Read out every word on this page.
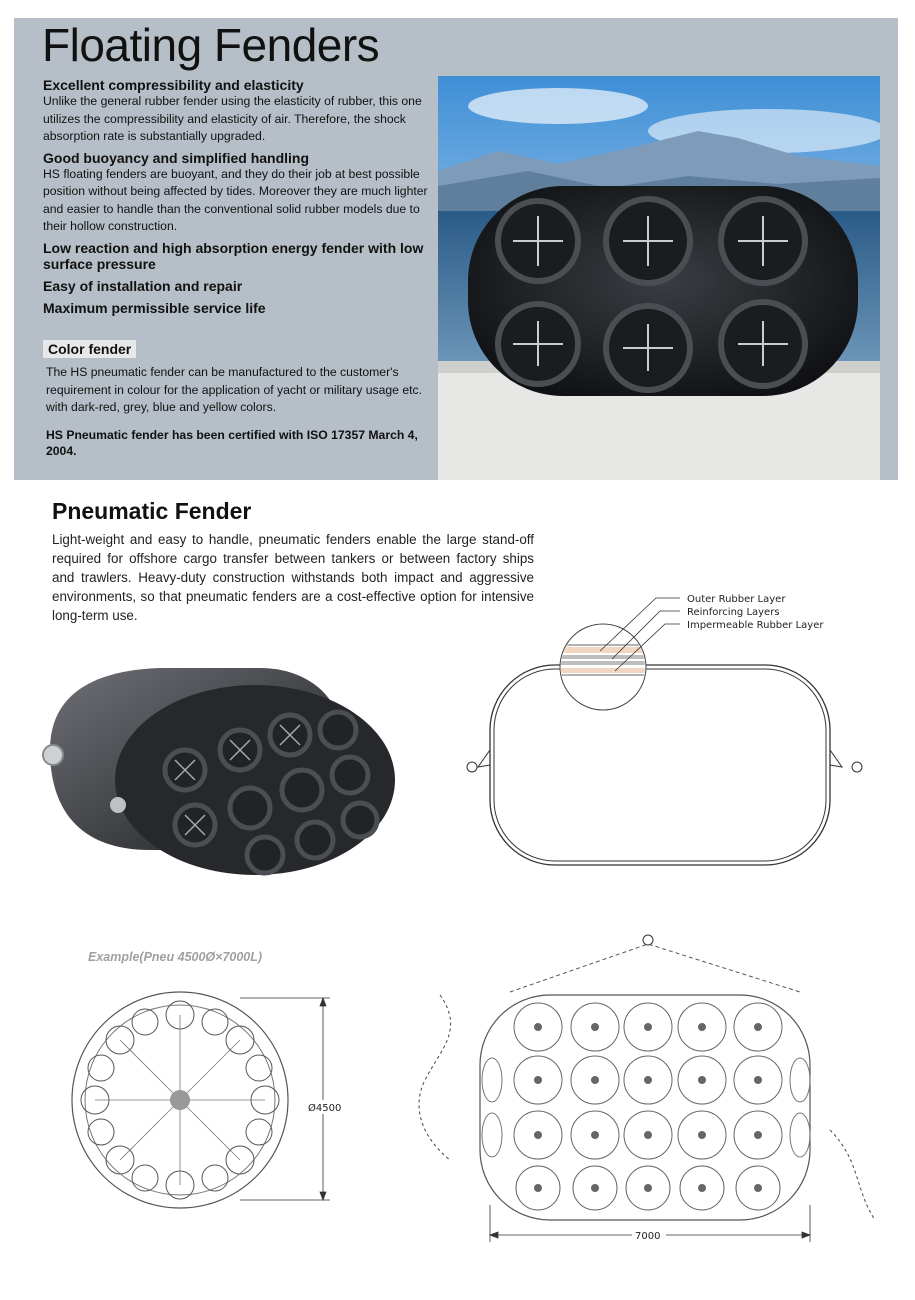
Floating Fenders
Excellent compressibility and elasticity

Unlike the general rubber fender using the elasticity of rubber, this one utilizes the compressibility and elasticity of air. Therefore, the shock absorption rate is substantially upgraded.

Good buoyancy and simplified handling

HS floating fenders are buoyant, and they do their job at best possible position without being affected by tides. Moreover they are much lighter and easier to handle than the conventional solid rubber models due to their hollow construction.

Low reaction and high absorption energy fender with low surface pressure
Easy of installation and repair
Maximum permissible service life
Color fender

The HS pneumatic fender can be manufactured to the customer's requirement in colour for the application of yacht or military usage etc. with dark-red, grey, blue and yellow colors.

HS Pneumatic fender has been certified with ISO 17357 March 4, 2004.

Pneumatic Fender

Light-weight and easy to handle, pneumatic fenders enable the large stand-off required for offshore cargo transfer between tankers or between factory ships and trawlers. Heavy-duty construction withstands both impact and aggressive environments, so that pneumatic fenders are a cost-effective option for intensive long-term use.

Outer Rubber Layer
Reinforcing Layers
Impermeable Rubber Layer
Example(Pneu 4500Ø×7000L)
Ø4500
7000
